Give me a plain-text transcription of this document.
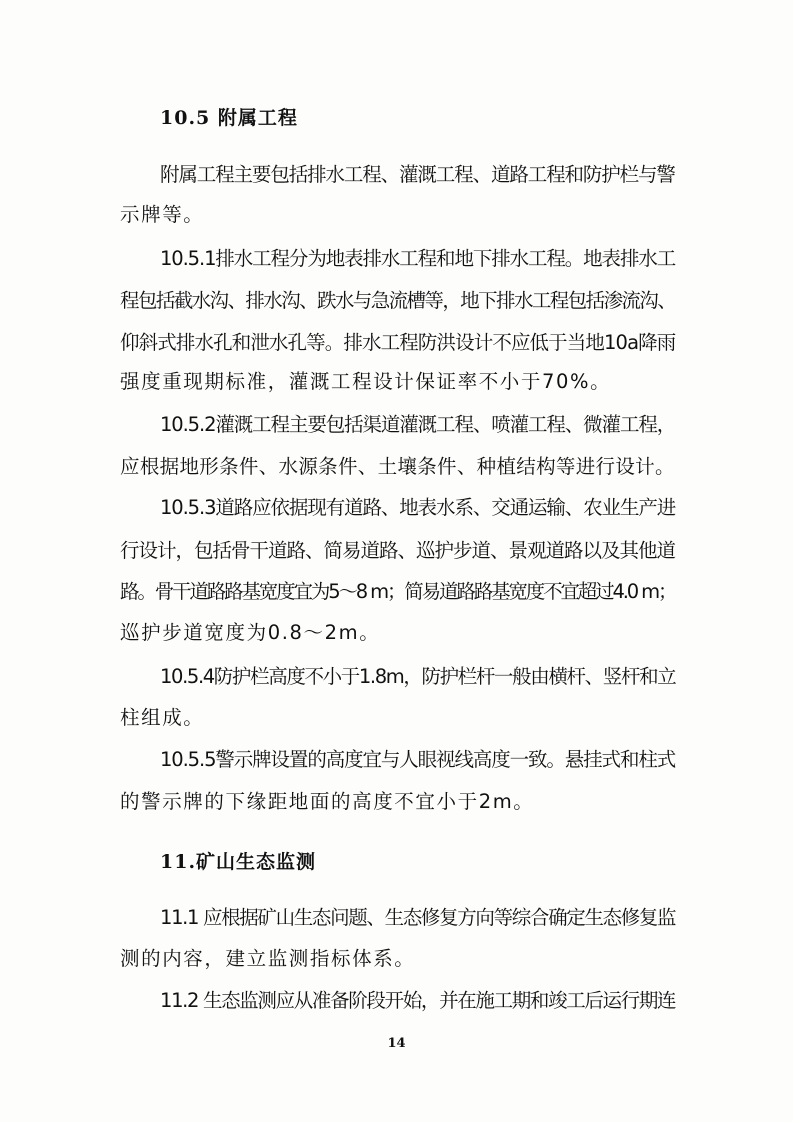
10.5 附属工程
附属工程主要包括排水工程、灌溉工程、道路工程和防护栏与警
示牌等。
10.5.1排水工程分为地表排水工程和地下排水工程。地表排水工
程包括截水沟、排水沟、跌水与急流槽等，地下排水工程包括渗流沟、
仰斜式排水孔和泄水孔等。排水工程防洪设计不应低于当地10a降雨
强度重现期标准，灌溉工程设计保证率不小于70%。
10.5.2灌溉工程主要包括渠道灌溉工程、喷灌工程、微灌工程，
应根据地形条件、水源条件、土壤条件、种植结构等进行设计。
10.5.3道路应依据现有道路、地表水系、交通运输、农业生产进
行设计，包括骨干道路、简易道路、巡护步道、景观道路以及其他道
路。骨干道路路基宽度宜为5～8 m；简易道路路基宽度不宜超过4.0 m；
巡护步道宽度为0.8～2m。
10.5.4防护栏高度不小于1.8m，防护栏杆一般由横杆、竖杆和立
柱组成。
10.5.5警示牌设置的高度宜与人眼视线高度一致。悬挂式和柱式
的警示牌的下缘距地面的高度不宜小于2m。
11.矿山生态监测
11.1 应根据矿山生态问题、生态修复方向等综合确定生态修复监
测的内容，建立监测指标体系。
11.2 生态监测应从准备阶段开始，并在施工期和竣工后运行期连
14
